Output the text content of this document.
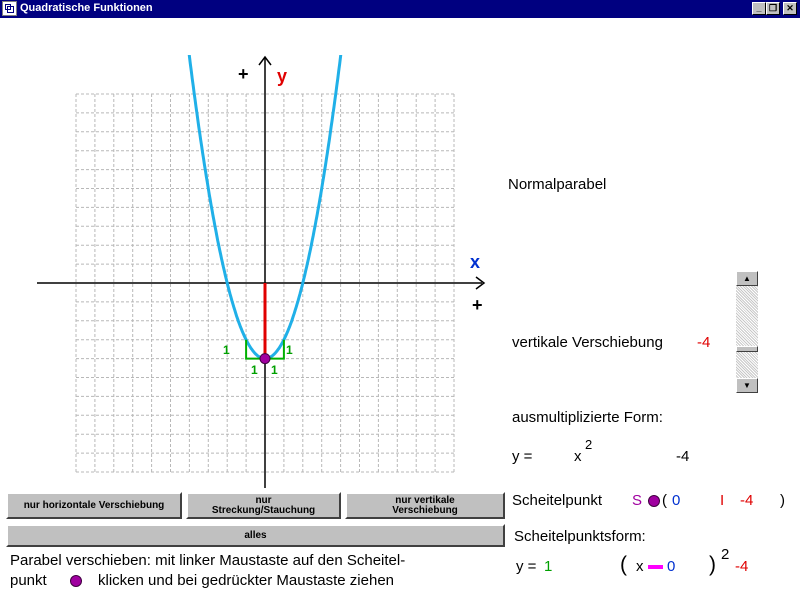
Quadratische Funktionen	_ ❐	✕
+ y
x
+
1	1
1 1
Normalparabel
vertikale Verschiebung -4
▲
▼
ausmultiplizierte Form:
y =	x
2
-4
Scheitelpunkt S ( 0	I -4 )
Scheitelpunktsform:
y = 1	( x 0 ) 2
-4
nur horizontale Verschiebung	nur
Streckung/Stauchung
nur vertikale
Verschiebung
alles
Parabel verschieben: mit linker Maustaste auf den Scheitel-
punkt	klicken und bei gedrückter Maustaste ziehen
